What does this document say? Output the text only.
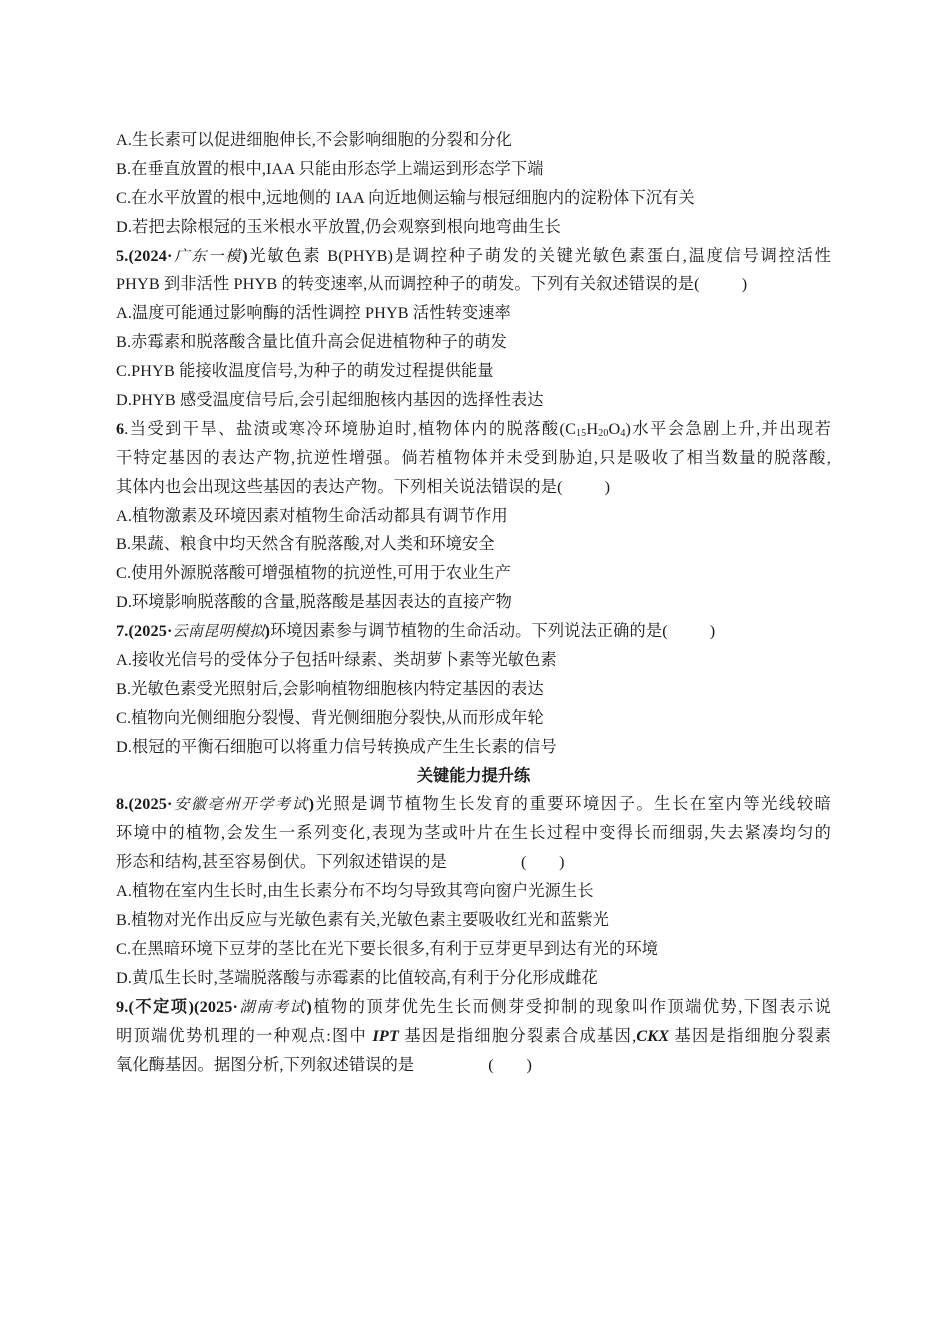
A.生长素可以促进细胞伸长,不会影响细胞的分裂和分化
B.在垂直放置的根中,IAA 只能由形态学上端运到形态学下端
C.在水平放置的根中,远地侧的 IAA 向近地侧运输与根冠细胞内的淀粉体下沉有关
D.若把去除根冠的玉米根水平放置,仍会观察到根向地弯曲生长
5.(2024·广东一模)光敏色素 B(PHYB)是调控种子萌发的关键光敏色素蛋白,温度信号调控活性
PHYB 到非活性 PHYB 的转变速率,从而调控种子的萌发。下列有关叙述错误的是(	)
A.温度可能通过影响酶的活性调控 PHYB 活性转变速率
B.赤霉素和脱落酸含量比值升高会促进植物种子的萌发
C.PHYB 能接收温度信号,为种子的萌发过程提供能量
D.PHYB 感受温度信号后,会引起细胞核内基因的选择性表达
6.当受到干旱、盐渍或寒冷环境胁迫时,植物体内的脱落酸$(C_{15}H_{20}O_4)$水平会急剧上升,并出现若
干特定基因的表达产物,抗逆性增强。倘若植物体并未受到胁迫,只是吸收了相当数量的脱落酸,
其体内也会出现这些基因的表达产物。下列相关说法错误的是(	)
A.植物激素及环境因素对植物生命活动都具有调节作用
B.果蔬、粮食中均天然含有脱落酸,对人类和环境安全
C.使用外源脱落酸可增强植物的抗逆性,可用于农业生产
D.环境影响脱落酸的含量,脱落酸是基因表达的直接产物
7.(2025·云南昆明模拟)环境因素参与调节植物的生命活动。下列说法正确的是(	)
A.接收光信号的受体分子包括叶绿素、类胡萝卜素等光敏色素
B.光敏色素受光照射后,会影响植物细胞核内特定基因的表达
C.植物向光侧细胞分裂慢、背光侧细胞分裂快,从而形成年轮
D.根冠的平衡石细胞可以将重力信号转换成产生生长素的信号
关键能力提升练
8.(2025·安徽亳州开学考试)光照是调节植物生长发育的重要环境因子。生长在室内等光线较暗
环境中的植物,会发生一系列变化,表现为茎或叶片在生长过程中变得长而细弱,失去紧凑均匀的
形态和结构,甚至容易倒伏。下列叙述错误的是	(　　)
A.植物在室内生长时,由生长素分布不均匀导致其弯向窗户光源生长
B.植物对光作出反应与光敏色素有关,光敏色素主要吸收红光和蓝紫光
C.在黑暗环境下豆芽的茎比在光下要长很多,有利于豆芽更早到达有光的环境
D.黄瓜生长时,茎端脱落酸与赤霉素的比值较高,有利于分化形成雌花
9.(不定项)(2025·湖南考试)植物的顶芽优先生长而侧芽受抑制的现象叫作顶端优势,下图表示说
明顶端优势机理的一种观点:图中 IPT 基因是指细胞分裂素合成基因,CKX 基因是指细胞分裂素
氧化酶基因。据图分析,下列叙述错误的是	(　　)
